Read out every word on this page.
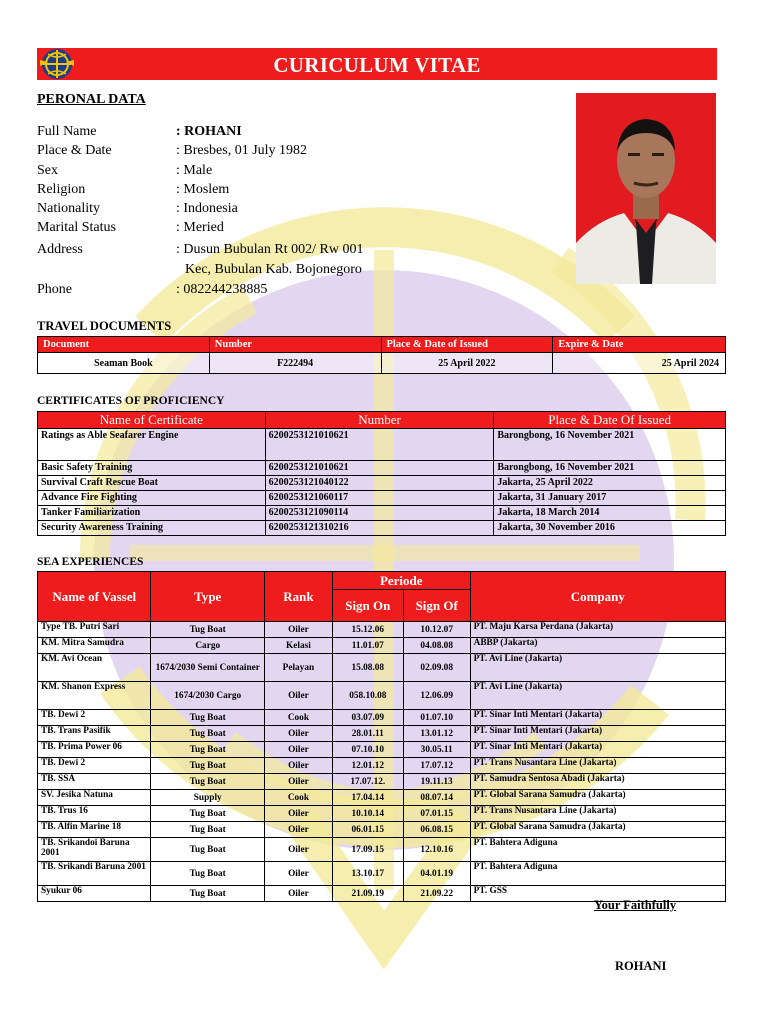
CURICULUM VITAE
PERONAL DATA
Full Name	: ROHANI
Place & Date	: Bresbes, 01 July 1982
Sex	: Male
Religion	: Moslem
Nationality	: Indonesia
Marital Status	: Meried
Address	: Dusun Bubulan Rt 002/ Rw 001
Kec, Bubulan Kab. Bojonegoro
Phone	: 082244238885
TRAVEL DOCUMENTS
Document	Number	Place & Date of Issued	Expire & Date
Seaman Book	F222494	25 April 2022	25 April 2024
CERTIFICATES OF PROFICIENCY
Name of Certificate	Number	Place & Date Of Issued
Ratings as Able Seafarer Engine	6200253121010621	Barongbong, 16 November 2021
Basic Safety Training	6200253121010621	Barongbong, 16 November 2021
Survival Craft Rescue Boat	6200253121040122	Jakarta, 25 April 2022
Advance Fire Fighting	6200253121060117	Jakarta, 31 January 2017
Tanker Familiarization	6200253121090114	Jakarta, 18 March 2014
Security Awareness Training	6200253121310216	Jakarta, 30 November 2016
SEA EXPERIENCES
Name of Vassel	Type	Rank	Periode		Company
			Sign On	Sign Of	
Type TB. Putri Sari	Tug Boat	Oiler	15.12.06	10.12.07	PT. Maju Karsa Perdana (Jakarta)
KM. Mitra Samudra	Cargo	Kelasi	11.01.07	04.08.08	ABBP (Jakarta)
KM. Avi Ocean	1674/2030 Semi Container	Pelayan	15.08.08	02.09.08	PT. Avi Line (Jakarta)
KM. Shanon Express	1674/2030 Cargo	Oiler	058.10.08	12.06.09	PT. Avi Line (Jakarta)
TB. Dewi 2	Tug Boat	Cook	03.07.09	01.07.10	PT. Sinar Inti Mentari (Jakarta)
TB. Trans Pasifik	Tug Boat	Oiler	28.01.11	13.01.12	PT. Sinar Inti Mentari (Jakarta)
TB. Prima Power 06	Tug Boat	Oiler	07.10.10	30.05.11	PT. Sinar Inti Mentari (Jakarta)
TB. Dewi 2	Tug Boat	Oiler	12.01.12	17.07.12	PT. Trans Nusantara Line (Jakarta)
TB. SSA	Tug Boat	Oiler	17.07.12.	19.11.13	PT. Samudra Sentosa Abadi (Jakarta)
SV. Jesika Natuna	Supply	Cook	17.04.14	08.07.14	PT. Global Sarana Samudra (Jakarta)
TB. Trus 16	Tug Boat	Oiler	10.10.14	07.01.15	PT. Trans Nusantara Line (Jakarta)
TB. Alfin Marine 18	Tug Boat	Oiler	06.01.15	06.08.15	PT. Global Sarana Samudra (Jakarta)
TB. Srikandoi Baruna 2001	Tug Boat	Oiler	17.09.15	12.10.16	PT. Bahtera Adiguna
TB. Srikandi Baruna 2001	Tug Boat	Oiler	13.10.17	04.01.19	PT. Bahtera Adiguna
Syukur 06	Tug Boat	Oiler	21.09.19	21.09.22	PT. GSS
Your Faithfully
ROHANI
